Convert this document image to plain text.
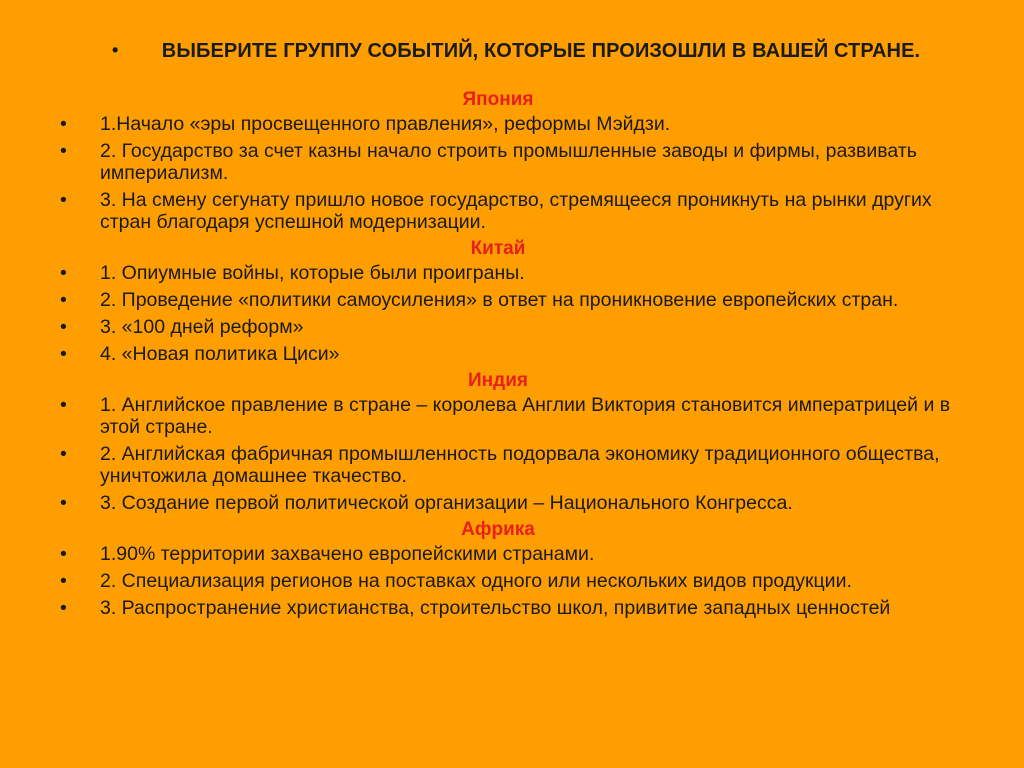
•	ВЫБЕРИТЕ ГРУППУ СОБЫТИЙ, КОТОРЫЕ ПРОИЗОШЛИ В ВАШЕЙ СТРАНЕ.
Япония
• 1.Начало «эры просвещенного правления», реформы Мэйдзи.
• 2. Государство за счет казны начало строить промышленные заводы и фирмы, развивать империализм.
• 3. На смену сегунату пришло новое государство, стремящееся проникнуть на рынки других стран благодаря успешной модернизации.
Китай
• 1. Опиумные войны, которые были проиграны.
• 2. Проведение «политики самоусиления» в ответ на проникновение европейских стран.
• 3. «100 дней реформ»
• 4. «Новая политика Циси»
Индия
• 1. Английское правление в стране – королева Англии Виктория становится императрицей и в этой стране.
• 2. Английская фабричная промышленность подорвала экономику традиционного общества, уничтожила домашнее ткачество.
• 3. Создание первой политической организации – Национального Конгресса.
Африка
• 1.90% территории захвачено европейскими странами.
• 2. Специализация регионов на поставках одного или нескольких видов продукции.
• 3. Распространение христианства, строительство школ, привитие западных ценностей
